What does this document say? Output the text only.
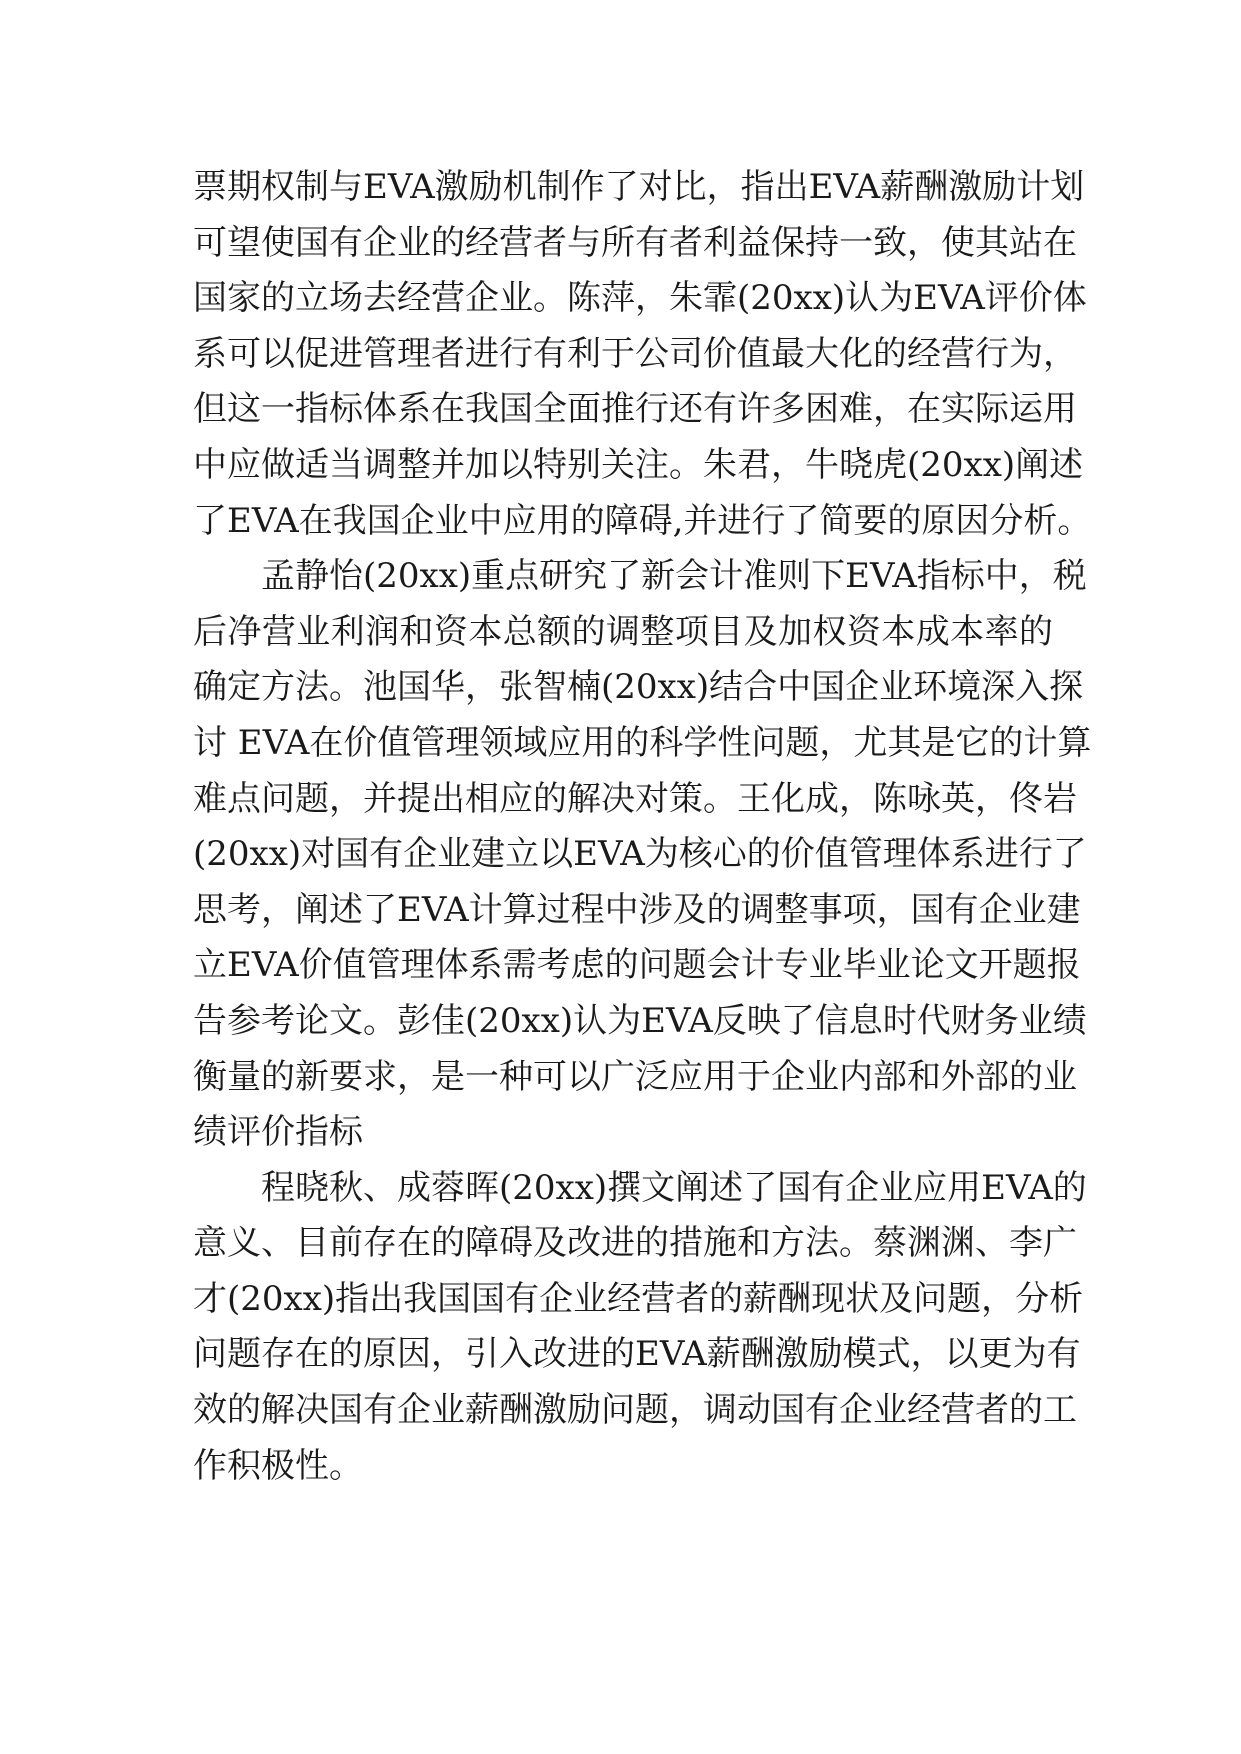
票期权制与EVA激励机制作了对比，指出EVA薪酬激励计划
可望使国有企业的经营者与所有者利益保持一致，使其站在
国家的立场去经营企业。陈萍，朱霏(20xx)认为EVA评价体
系可以促进管理者进行有利于公司价值最大化的经营行为，
但这一指标体系在我国全面推行还有许多困难，在实际运用
中应做适当调整并加以特别关注。朱君，牛晓虎(20xx)阐述
了EVA在我国企业中应用的障碍,并进行了简要的原因分析。
　　孟静怡(20xx)重点研究了新会计准则下EVA指标中，税
后净营业利润和资本总额的调整项目及加权资本成本率的
确定方法。池国华，张智楠(20xx)结合中国企业环境深入探
讨 EVA在价值管理领域应用的科学性问题，尤其是它的计算
难点问题，并提出相应的解决对策。王化成，陈咏英，佟岩
(20xx)对国有企业建立以EVA为核心的价值管理体系进行了
思考，阐述了EVA计算过程中涉及的调整事项，国有企业建
立EVA价值管理体系需考虑的问题会计专业毕业论文开题报
告参考论文。彭佳(20xx)认为EVA反映了信息时代财务业绩
衡量的新要求，是一种可以广泛应用于企业内部和外部的业
绩评价指标
　　程晓秋、成蓉晖(20xx)撰文阐述了国有企业应用EVA的
意义、目前存在的障碍及改进的措施和方法。蔡渊渊、李广
才(20xx)指出我国国有企业经营者的薪酬现状及问题，分析
问题存在的原因，引入改进的EVA薪酬激励模式，以更为有
效的解决国有企业薪酬激励问题，调动国有企业经营者的工
作积极性。
